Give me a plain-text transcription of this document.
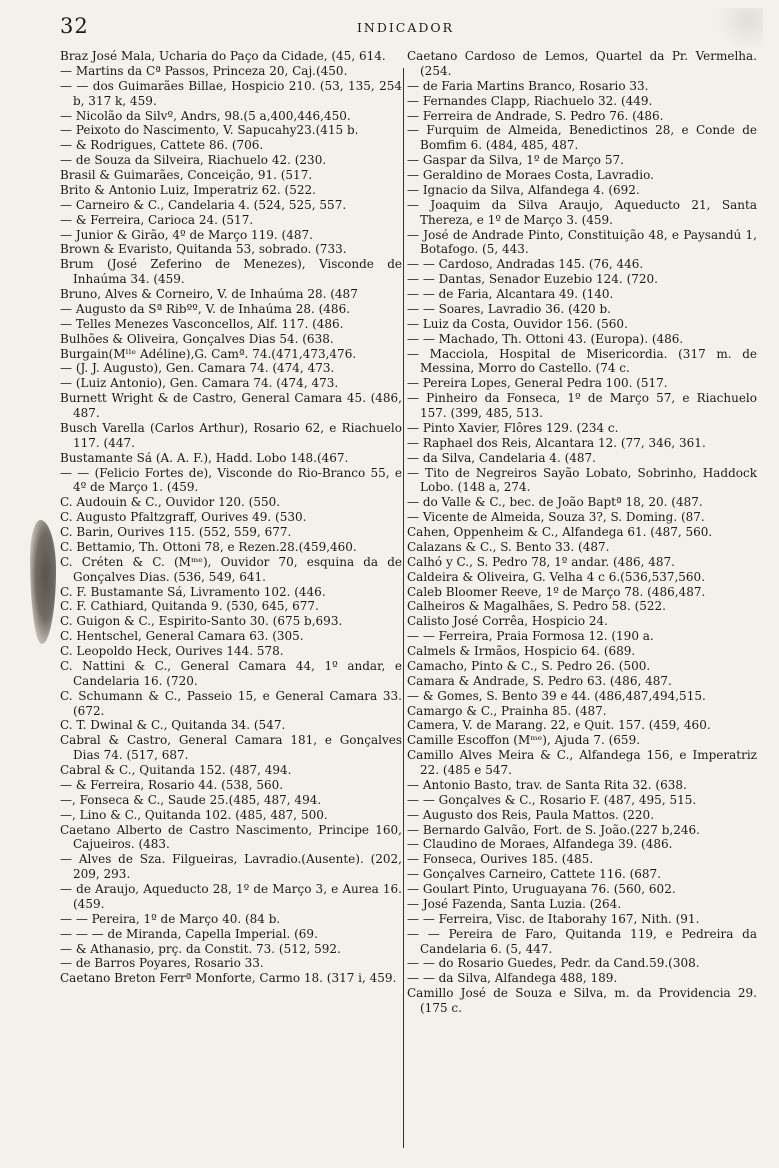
32	INDICADOR
Braz José Mala, Ucharia do Paço da Cidade, (45, 614.
— Martins da Cª Passos, Princeza 20, Caj.(450.
— — dos Guimarães Billae, Hospicio 210. (53, 135, 254 b, 317 k, 459.
— Nicolão da Silvº, Andrs, 98.(5 a,400,446,450.
— Peixoto do Nascimento, V. Sapucahy23.(415 b.
— & Rodrigues, Cattete 86. (706.
— de Souza da Silveira, Riachuelo 42. (230.
Brasil & Guimarães, Conceição, 91. (517.
Brito & Antonio Luiz, Imperatriz 62. (522.
— Carneiro & C., Candelaria 4. (524, 525, 557.
— & Ferreira, Carioca 24. (517.
— Junior & Girão, 4º de Março 119. (487.
Brown & Evaristo, Quitanda 53, sobrado. (733.
Brum (José Zeferino de Menezes), Visconde de Inhaúma 34. (459.
Bruno, Alves & Corneiro, V. de Inhaúma 28. (487
— Augusto da Sª Ribºº, V. de Inhaúma 28. (486.
— Telles Menezes Vasconcellos, Alf. 117. (486.
Bulhões & Oliveira, Gonçalves Dias 54. (638.
Burgain(Mˡˡᵉ Adéline),G. Camª. 74.(471,473,476.
— (J. J. Augusto), Gen. Camara 74. (474, 473.
— (Luiz Antonio), Gen. Camara 74. (474, 473.
Burnett Wright & de Castro, General Camara 45. (486, 487.
Busch Varella (Carlos Arthur), Rosario 62, e Riachuelo 117. (447.
Bustamante Sá (A. A. F.), Hadd. Lobo 148.(467.
— — (Felicio Fortes de), Visconde do Rio-Branco 55, e 4º de Março 1. (459.
C. Audouin & C., Ouvidor 120. (550.
C. Augusto Pfaltzgraff, Ourives 49. (530.
C. Barin, Ourives 115. (552, 559, 677.
C. Bettamio, Th. Ottoni 78, e Rezen.28.(459,460.
C. Créten & C. (Mᵐᵉ), Ouvidor 70, esquina da de Gonçalves Dias. (536, 549, 641.
C. F. Bustamante Sá, Livramento 102. (446.
C. F. Cathiard, Quitanda 9. (530, 645, 677.
C. Guigon & C., Espirito-Santo 30. (675 b,693.
C. Hentschel, General Camara 63. (305.
C. Leopoldo Heck, Ourives 144. 578.
C. Nattini & C., General Camara 44, 1º andar, e Candelaria 16. (720.
C. Schumann & C., Passeio 15, e General Camara 33. (672.
C. T. Dwinal & C., Quitanda 34. (547.
Cabral & Castro, General Camara 181, e Gonçalves Dias 74. (517, 687.
Cabral & C., Quitanda 152. (487, 494.
— & Ferreira, Rosario 44. (538, 560.
—, Fonseca & C., Saude 25.(485, 487, 494.
—, Lino & C., Quitanda 102. (485, 487, 500.
Caetano Alberto de Castro Nascimento, Principe 160, Cajueiros. (483.
— Alves de Sza. Filgueiras, Lavradio.(Ausente). (202, 209, 293.
— de Araujo, Aqueducto 28, 1º de Março 3, e Aurea 16. (459.
— — Pereira, 1º de Março 40. (84 b.
— — — de Miranda, Capella Imperial. (69.
— & Athanasio, prç. da Constit. 73. (512, 592.
— de Barros Poyares, Rosario 33.
Caetano Breton Ferrª Monforte, Carmo 18. (317 i, 459.
Caetano Cardoso de Lemos, Quartel da Pr. Vermelha. (254.
— de Faria Martins Branco, Rosario 33.
— Fernandes Clapp, Riachuelo 32. (449.
— Ferreira de Andrade, S. Pedro 76. (486.
— Furquim de Almeida, Benedictinos 28, e Conde de Bomfim 6. (484, 485, 487.
— Gaspar da Silva, 1º de Março 57.
— Geraldino de Moraes Costa, Lavradio.
— Ignacio da Silva, Alfandega 4. (692.
— Joaquim da Silva Araujo, Aqueducto 21, Santa Thereza, e 1º de Março 3. (459.
— José de Andrade Pinto, Constituição 48, e Paysandú 1, Botafogo. (5, 443.
— — Cardoso, Andradas 145. (76, 446.
— — Dantas, Senador Euzebio 124. (720.
— — de Faria, Alcantara 49. (140.
— — Soares, Lavradio 36. (420 b.
— Luiz da Costa, Ouvidor 156. (560.
— — Machado, Th. Ottoni 43. (Europa). (486.
— Macciola, Hospital de Misericordia. (317 m. de Messina, Morro do Castello. (74 c.
— Pereira Lopes, General Pedra 100. (517.
— Pinheiro da Fonseca, 1º de Março 57, e Riachuelo 157. (399, 485, 513.
— Pinto Xavier, Flôres 129. (234 c.
— Raphael dos Reis, Alcantara 12. (77, 346, 361.
— da Silva, Candelaria 4. (487.
— Tito de Negreiros Sayão Lobato, Sobrinho, Haddock Lobo. (148 a, 274.
— do Valle & C., bec. de João Baptª 18, 20. (487.
— Vicente de Almeida, Souza 3?, S. Doming. (87.
Cahen, Oppenheim & C., Alfandega 61. (487, 560.
Calazans & C., S. Bento 33. (487.
Calhó y C., S. Pedro 78, 1º andar. (486, 487.
Caldeira & Oliveira, G. Velha 4 c 6.(536,537,560.
Caleb Bloomer Reeve, 1º de Março 78. (486,487.
Calheiros & Magalhães, S. Pedro 58. (522.
Calisto José Corrêa, Hospicio 24.
— — Ferreira, Praia Formosa 12. (190 a.
Calmels & Irmãos, Hospicio 64. (689.
Camacho, Pinto & C., S. Pedro 26. (500.
Camara & Andrade, S. Pedro 63. (486, 487.
— & Gomes, S. Bento 39 e 44. (486,487,494,515.
Camargo & C., Prainha 85. (487.
Camera, V. de Marang. 22, e Quit. 157. (459, 460.
Camille Escoffon (Mᵐᵉ), Ajuda 7. (659.
Camillo Alves Meira & C., Alfandega 156, e Imperatriz 22. (485 e 547.
— Antonio Basto, trav. de Santa Rita 32. (638.
— — Gonçalves & C., Rosario F. (487, 495, 515.
— Augusto dos Reis, Paula Mattos. (220.
— Bernardo Galvão, Fort. de S. João.(227 b,246.
— Claudino de Moraes, Alfandega 39. (486.
— Fonseca, Ourives 185. (485.
— Gonçalves Carneiro, Cattete 116. (687.
— Goulart Pinto, Uruguayana 76. (560, 602.
— José Fazenda, Santa Luzia. (264.
— — Ferreira, Visc. de Itaborahy 167, Nith. (91.
— — Pereira de Faro, Quitanda 119, e Pedreira da Candelaria 6. (5, 447.
— — do Rosario Guedes, Pedr. da Cand.59.(308.
— — da Silva, Alfandega 488, 189.
Camillo José de Souza e Silva, m. da Providencia 29. (175 c.
